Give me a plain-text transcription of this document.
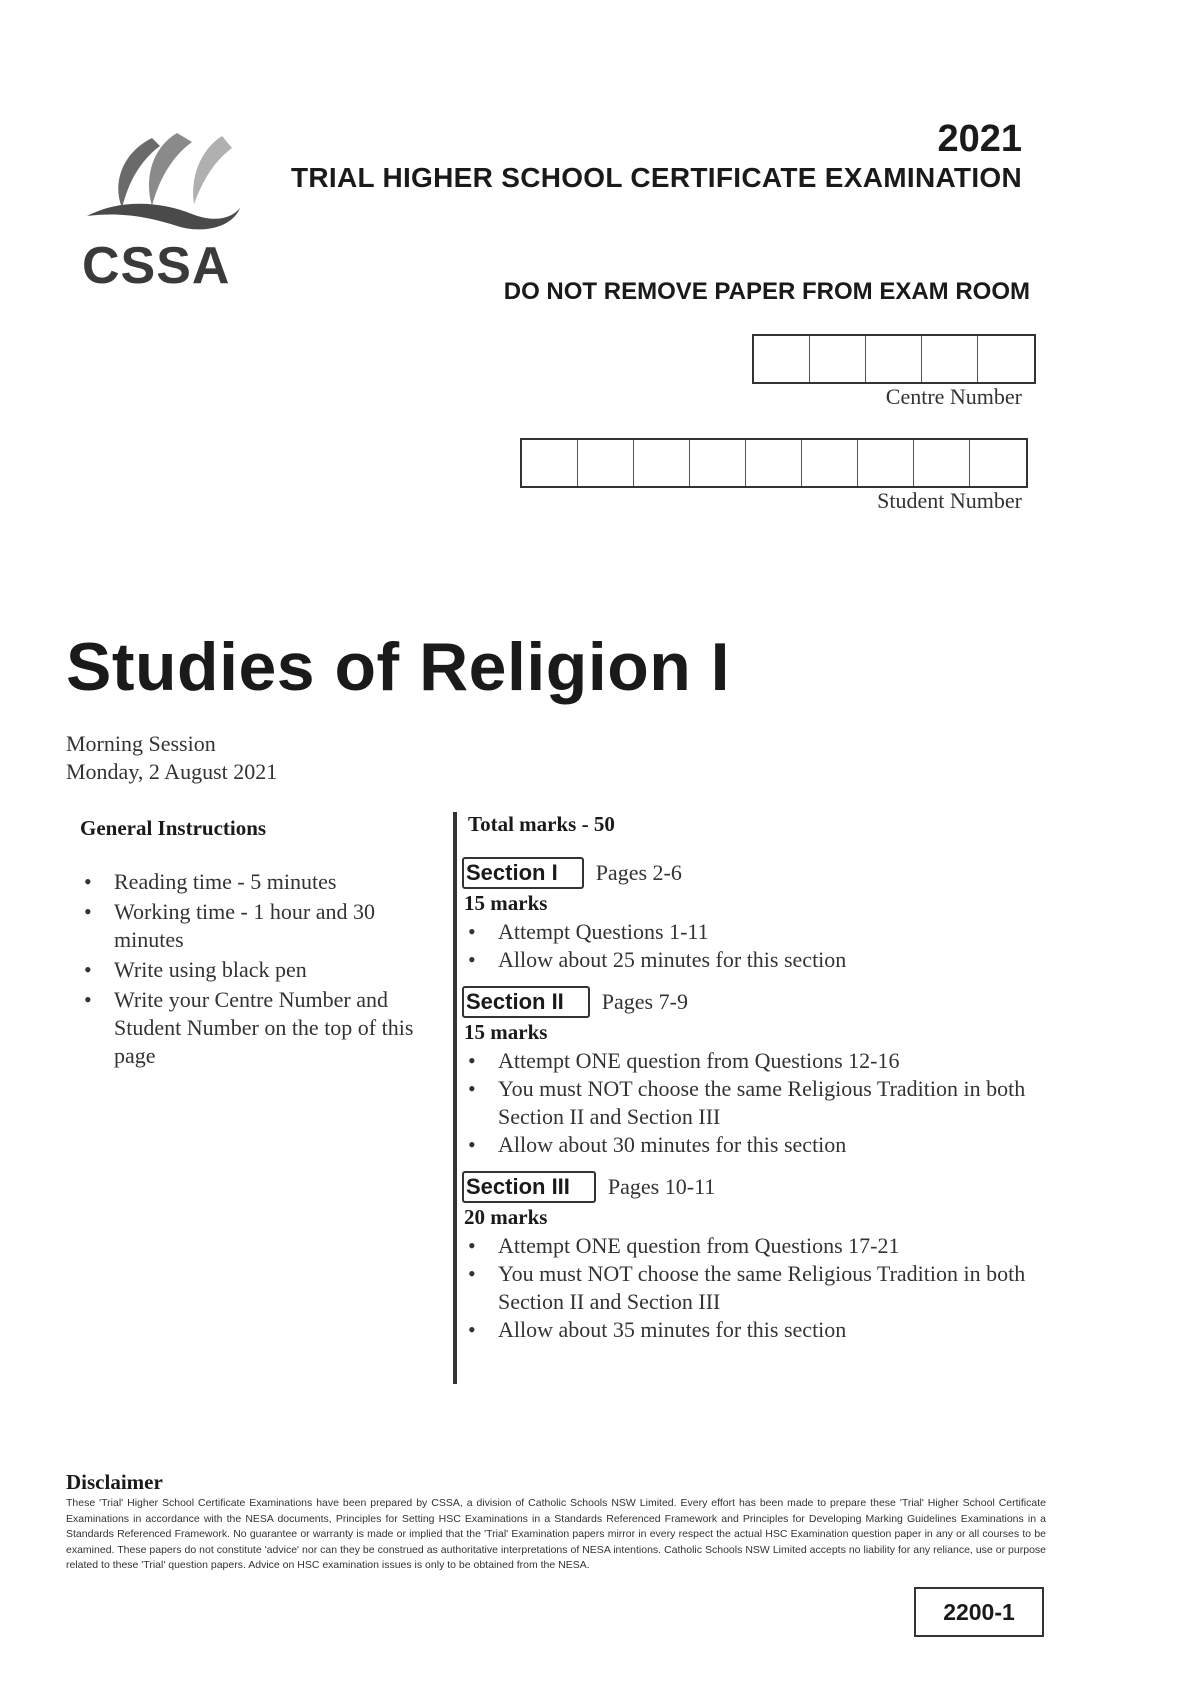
CSSA
2021
TRIAL HIGHER SCHOOL CERTIFICATE EXAMINATION
DO NOT REMOVE PAPER FROM EXAM ROOM
Centre Number
Student Number
Studies of Religion I
Morning Session
Monday, 2 August 2021
General Instructions
• Reading time - 5 minutes
• Working time - 1 hour and 30 minutes
• Write using black pen
• Write your Centre Number and Student Number on the top of this page
Total marks - 50
Section I	Pages 2-6
15 marks
• Attempt Questions 1-11
• Allow about 25 minutes for this section
Section II	Pages 7-9
15 marks
• Attempt ONE question from Questions 12-16
• You must NOT choose the same Religious Tradition in both Section II and Section III
• Allow about 30 minutes for this section
Section III	Pages 10-11
20 marks
• Attempt ONE question from Questions 17-21
• You must NOT choose the same Religious Tradition in both Section II and Section III
• Allow about 35 minutes for this section
Disclaimer
These 'Trial' Higher School Certificate Examinations have been prepared by CSSA, a division of Catholic Schools NSW Limited. Every effort has been made to prepare these 'Trial' Higher School Certificate Examinations in accordance with the NESA documents, Principles for Setting HSC Examinations in a Standards Referenced Framework and Principles for Developing Marking Guidelines Examinations in a Standards Referenced Framework. No guarantee or warranty is made or implied that the 'Trial' Examination papers mirror in every respect the actual HSC Examination question paper in any or all courses to be examined. These papers do not constitute 'advice' nor can they be construed as authoritative interpretations of NESA intentions. Catholic Schools NSW Limited accepts no liability for any reliance, use or purpose related to these 'Trial' question papers. Advice on HSC examination issues is only to be obtained from the NESA.
2200-1
